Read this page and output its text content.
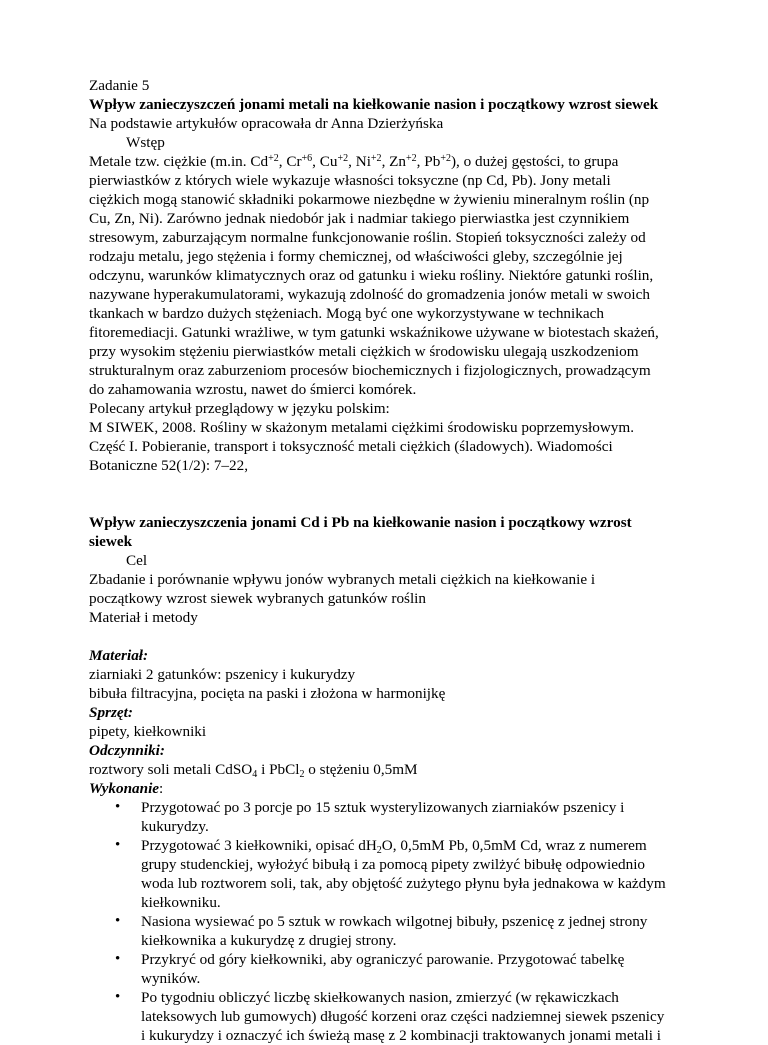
Zadanie 5

Wpływ zanieczyszczeń jonami metali na kiełkowanie nasion i początkowy wzrost siewek

Na podstawie artykułów opracowała dr Anna Dzierżyńska

Wstęp

Metale tzw. ciężkie (m.in. $Cd^{+2}$, $Cr^{+6}$, $Cu^{+2}$, $Ni^{+2}$, $Zn^{+2}$, $Pb^{+2}$), o dużej gęstości, to grupa

pierwiastków z których wiele wykazuje własności toksyczne (np Cd, Pb). Jony metali

ciężkich mogą stanowić składniki pokarmowe niezbędne w żywieniu mineralnym roślin (np

Cu, Zn, Ni). Zarówno jednak niedobór jak i nadmiar takiego pierwiastka jest czynnikiem

stresowym, zaburzającym normalne funkcjonowanie roślin. Stopień toksyczności zależy od

rodzaju metalu, jego stężenia i formy chemicznej, od właściwości gleby, szczególnie jej

odczynu, warunków klimatycznych oraz od gatunku i wieku rośliny. Niektóre gatunki roślin,

nazywane hyperakumulatorami, wykazują zdolność do gromadzenia jonów metali w swoich

tkankach w bardzo dużych stężeniach. Mogą być one wykorzystywane w technikach

fitoremediacji. Gatunki wrażliwe, w tym gatunki wskaźnikowe używane w biotestach skażeń,

przy wysokim stężeniu pierwiastków metali ciężkich w środowisku ulegają uszkodzeniom

strukturalnym oraz zaburzeniom procesów biochemicznych i fizjologicznych, prowadzącym

do zahamowania wzrostu, nawet do śmierci komórek.

Polecany artykuł przeglądowy w języku polskim:

M SIWEK, 2008. Rośliny w skażonym metalami ciężkimi środowisku poprzemysłowym.

Część I. Pobieranie, transport i toksyczność metali ciężkich (śladowych). Wiadomości

Botaniczne 52(1/2): 7–22,

Wpływ zanieczyszczenia jonami Cd i Pb na kiełkowanie nasion i początkowy wzrost

siewek

Cel

Zbadanie i porównanie wpływu jonów wybranych metali ciężkich na kiełkowanie i

początkowy wzrost siewek wybranych gatunków roślin

Materiał i metody

Materiał:

ziarniaki 2 gatunków: pszenicy i kukurydzy

bibuła filtracyjna, pocięta na paski i złożona w harmonijkę

Sprzęt:

pipety, kiełkowniki

Odczynniki:

roztwory soli metali CdSO$_4$ i PbCl$_2$ o stężeniu 0,5mM

Wykonanie:

• Przygotować po 3 porcje po 15 sztuk wysterylizowanych ziarniaków pszenicy i
kukurydzy.
• Przygotować 3 kiełkowniki, opisać $dH_2O$, 0,5mM Pb, 0,5mM Cd, wraz z numerem
grupy studenckiej, wyłożyć bibułą i za pomocą pipety zwilżyć bibułę odpowiednio
woda lub roztworem soli, tak, aby objętość zużytego płynu była jednakowa w każdym
kiełkowniku.
• Nasiona wysiewać po 5 sztuk w rowkach wilgotnej bibuły, pszenicę z jednej strony
kiełkownika a kukurydzę z drugiej strony.
• Przykryć od góry kiełkowniki, aby ograniczyć parowanie. Przygotować tabelkę
wyników.
• Po tygodniu obliczyć liczbę skiełkowanych nasion, zmierzyć (w rękawiczkach
lateksowych lub gumowych) długość korzeni oraz części nadziemnej siewek pszenicy
i kukurydzy i oznaczyć ich świeżą masę z 2 kombinacji traktowanych jonami metali i
